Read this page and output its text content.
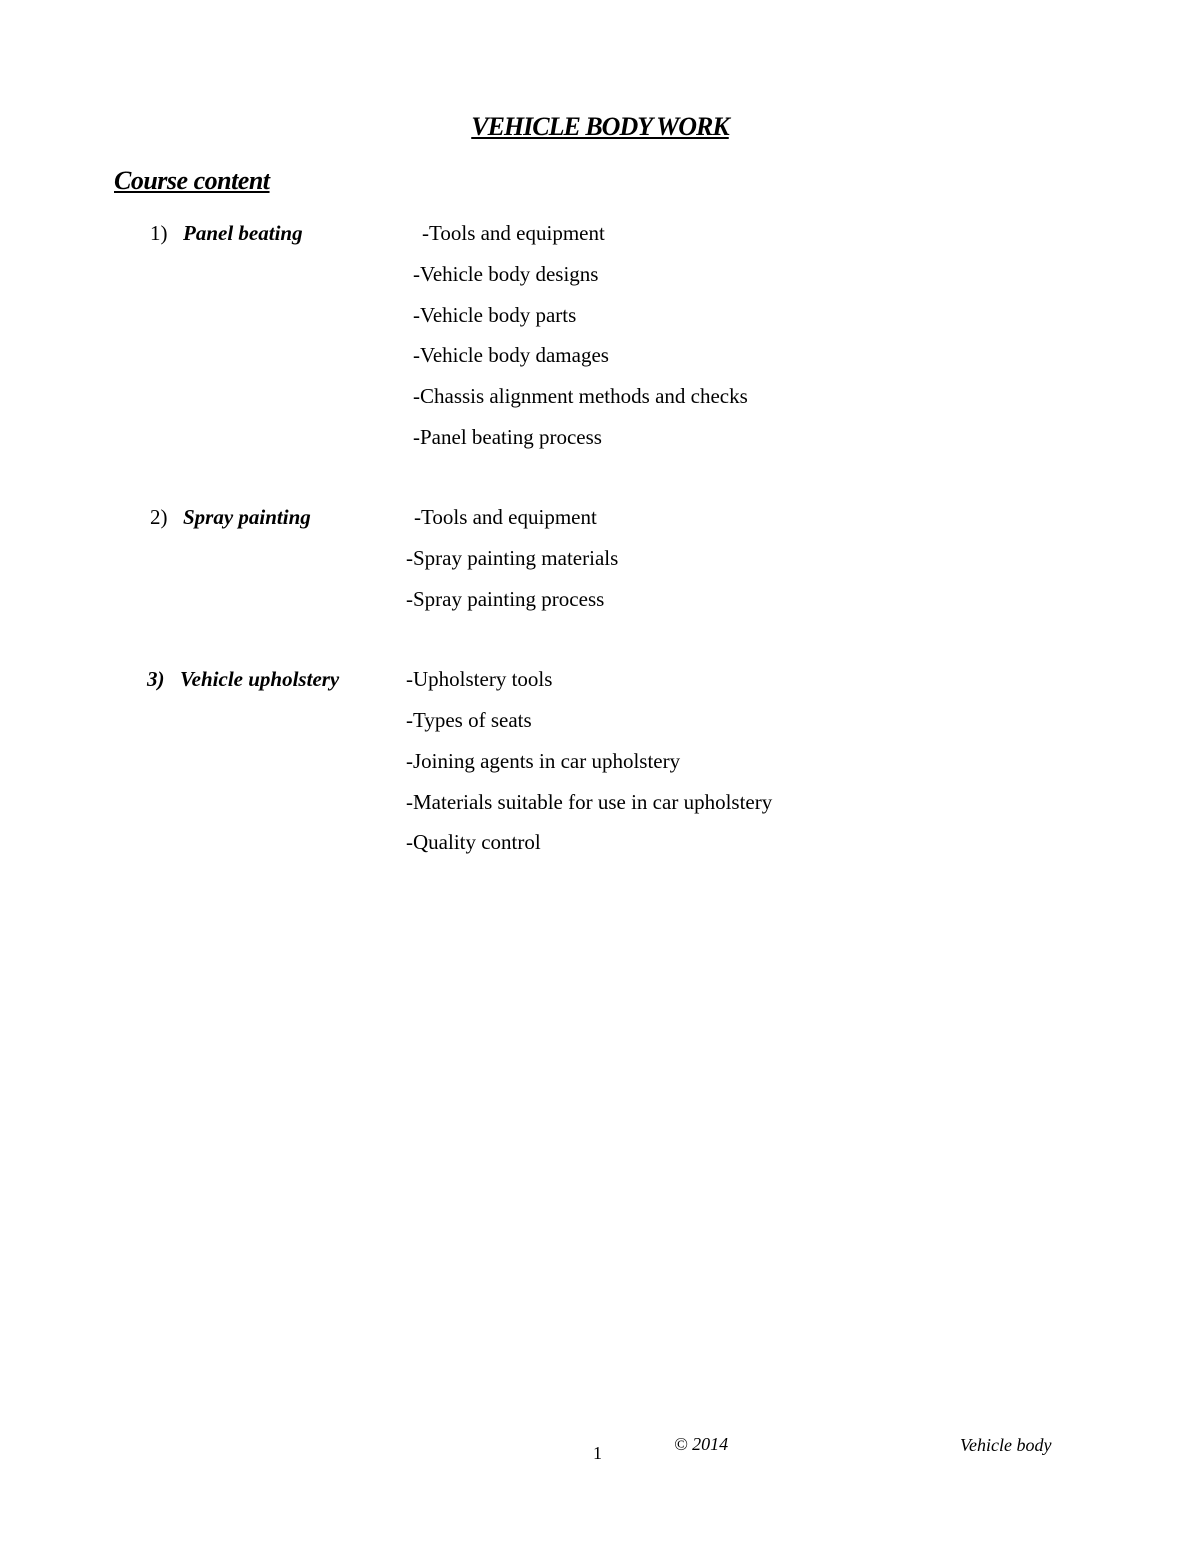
VEHICLE BODY WORK
Course content
1) Panel beating	-Tools and equipment
-Vehicle body designs
-Vehicle body parts
-Vehicle body damages
-Chassis alignment methods and checks
-Panel beating process
2) Spray painting	-Tools and equipment
-Spray painting materials
-Spray painting process
3) Vehicle upholstery	-Upholstery tools
-Types of seats
-Joining agents in car upholstery
-Materials suitable for use in car upholstery
-Quality control
1	© 2014	Vehicle body
